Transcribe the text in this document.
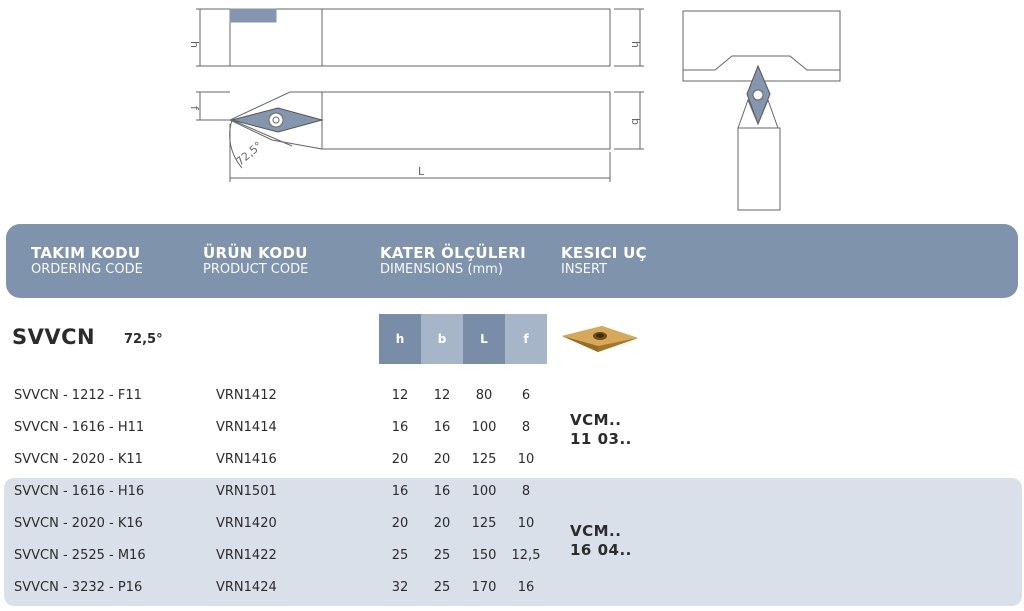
h	h
f
b
L
72,5°
TAKIM KODU
ORDERING CODE
ÜRÜN KODU
PRODUCT CODE
KATER ÖLÇÜLERI
DIMENSIONS (mm)
KESICI UÇ
INSERT
SVVCN 72,5°	h	b	L	f
SVVCN - 1212 - F11	VRN1412	12	12	80	6
SVVCN - 1616 - H11	VRN1414	16	16	100	8
SVVCN - 2020 - K11	VRN1416	20	20	125	10
SVVCN - 1616 - H16	VRN1501	16	16	100	8
SVVCN - 2020 - K16	VRN1420	20	20	125	10
SVVCN - 2525 - M16	VRN1422	25	25	150	12,5
SVVCN - 3232 - P16	VRN1424	32	25	170	16
VCM..
11 03..
VCM..
16 04..
